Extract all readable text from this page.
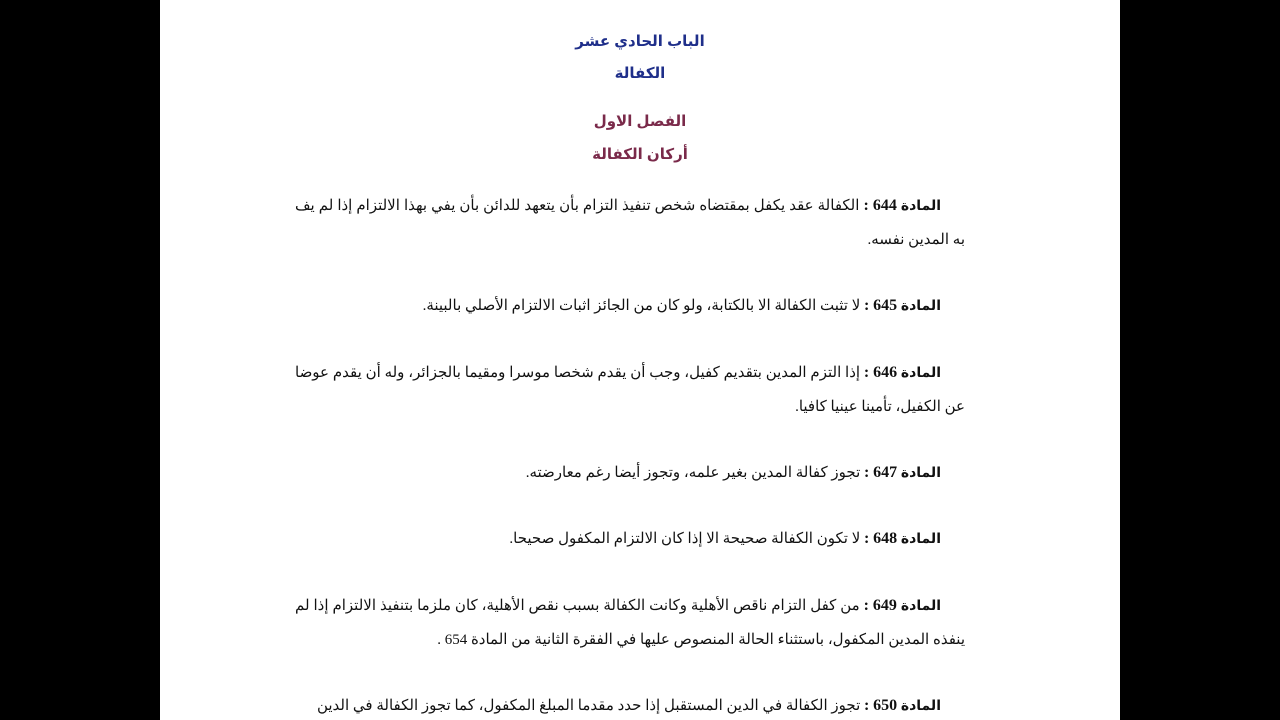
الباب الحادي عشر

الكفالة

الفصل الاول

أركان الكفالة

المادة 644 : الكفالة عقد يكفل بمقتضاه شخص تنفيذ التزام بأن يتعهد للدائن بأن يفي بهذا الالتزام إذا لم يف به المدين نفسه.

المادة 645 : لا تثبت الكفالة الا بالكتابة، ولو كان من الجائز اثبات الالتزام الأصلي بالبينة.

المادة 646 : إذا التزم المدين بتقديم كفيل، وجب أن يقدم شخصا موسرا ومقيما بالجزائر، وله أن يقدم عوضا عن الكفيل، تأمينا عينيا كافيا.

المادة 647 : تجوز كفالة المدين بغير علمه، وتجوز أيضا رغم معارضته.

المادة 648 : لا تكون الكفالة صحيحة الا إذا كان الالتزام المكفول صحيحا.

المادة 649 : من كفل التزام ناقص الأهلية وكانت الكفالة بسبب نقص الأهلية، كان ملزما بتنفيذ الالتزام إذا لم ينفذه المدين المكفول، باستثناء الحالة المنصوص عليها في الفقرة الثانية من المادة 654 .

المادة 650 : تجوز الكفالة في الدين المستقبل إذا حدد مقدما المبلغ المكفول، كما تجوز الكفالة في الدين
